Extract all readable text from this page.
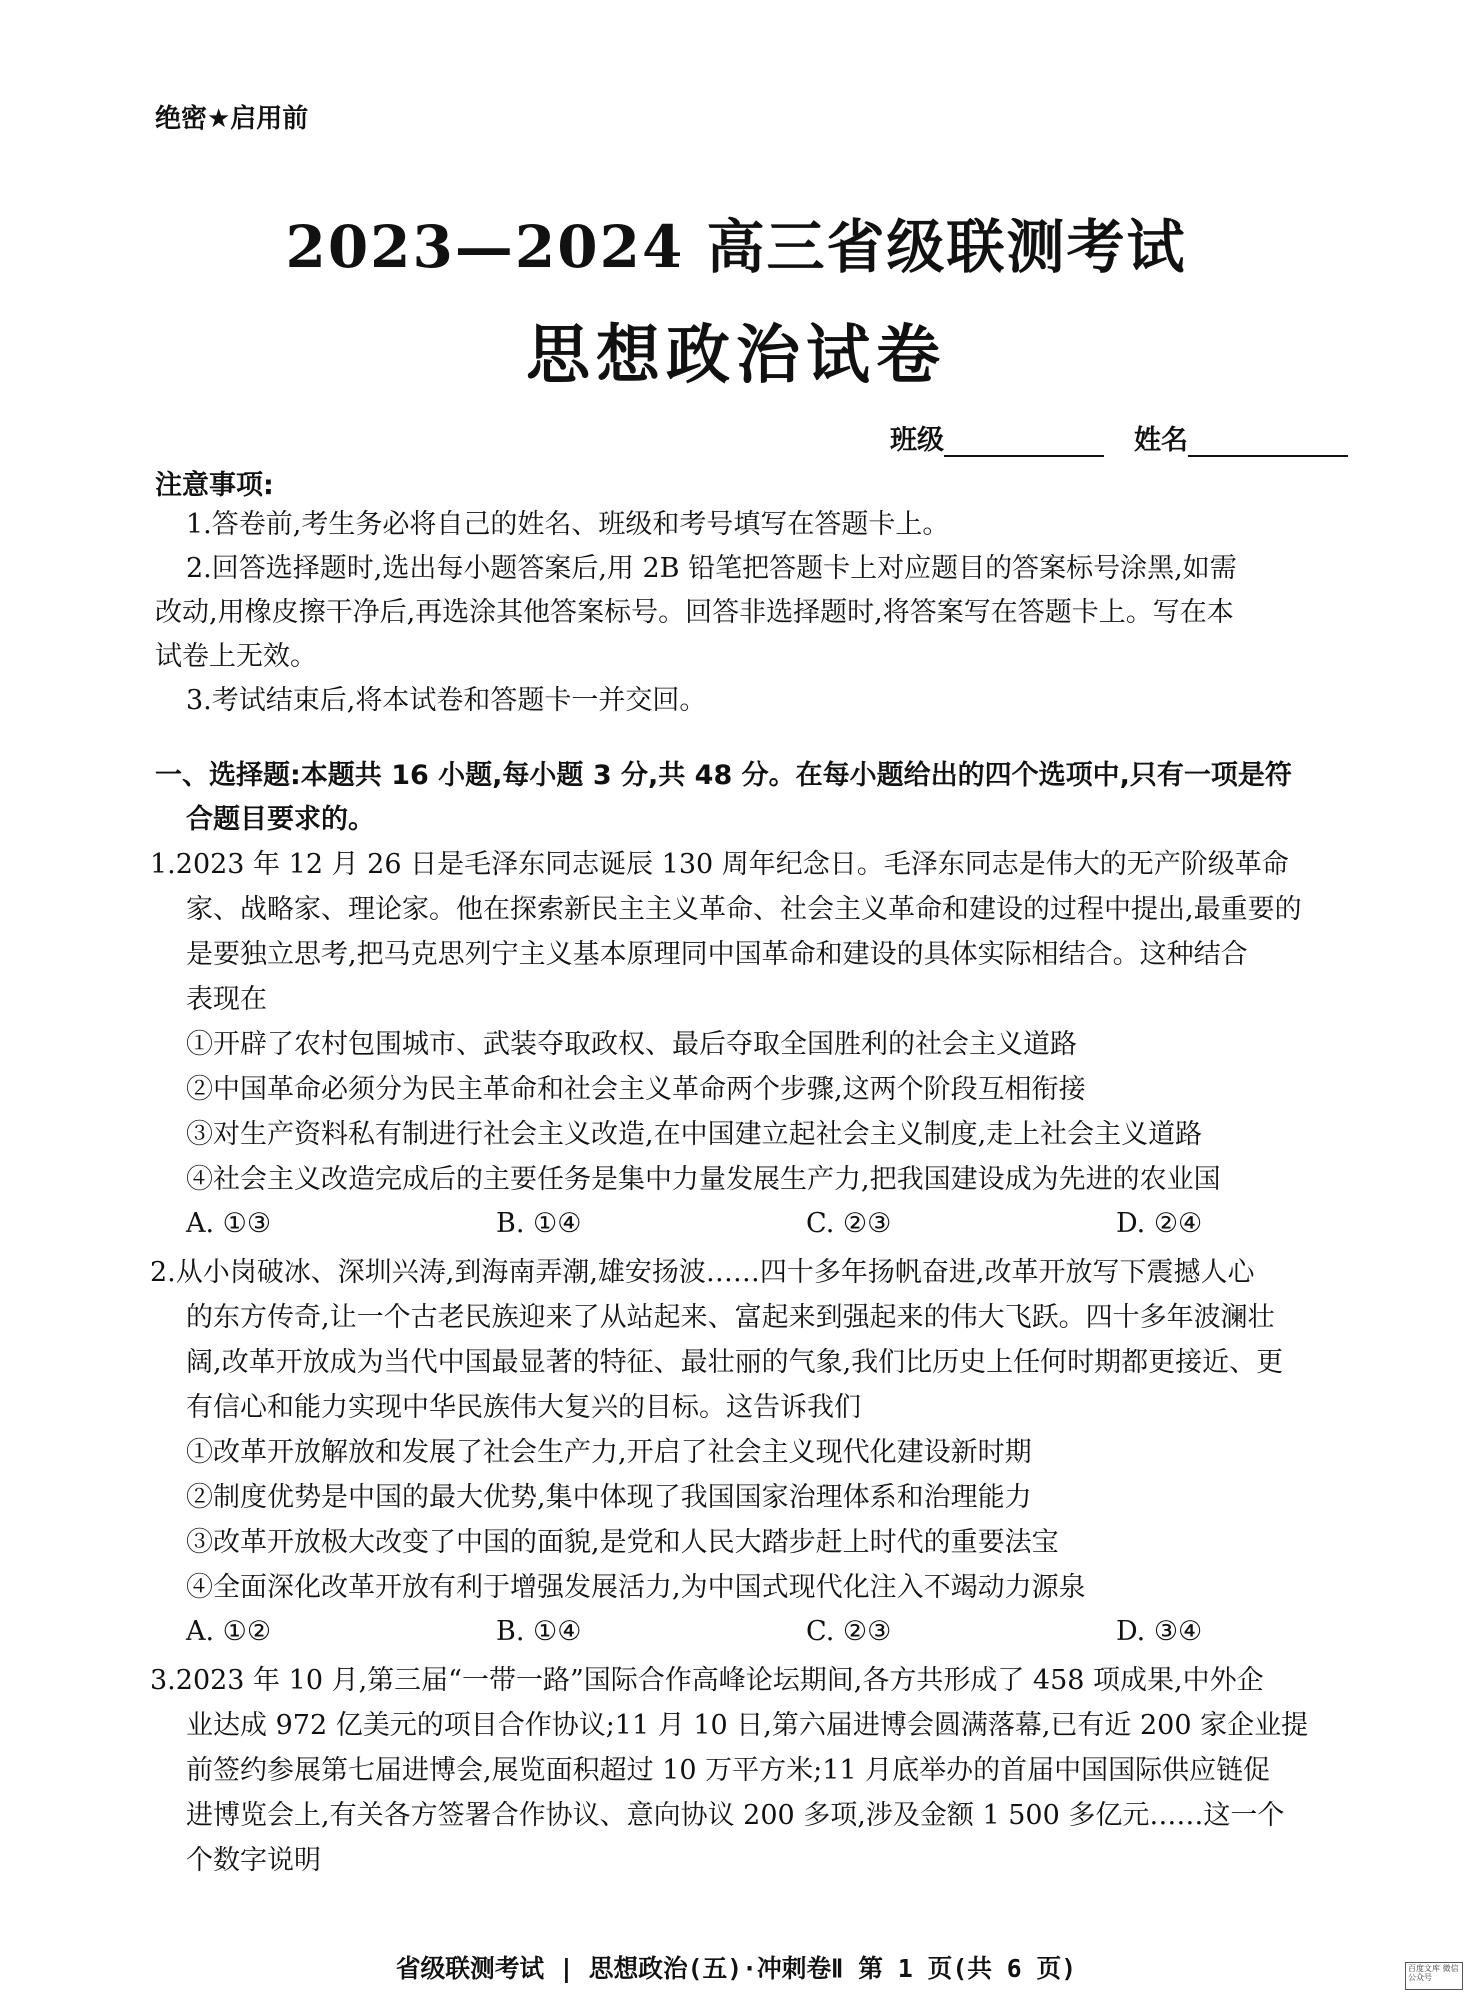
绝密★启用前
2023—2024 高三省级联测考试
思想政治试卷
班级	姓名
注意事项:
1.答卷前,考生务必将自己的姓名、班级和考号填写在答题卡上。
2.回答选择题时,选出每小题答案后,用 2B 铅笔把答题卡上对应题目的答案标号涂黑,如需
改动,用橡皮擦干净后,再选涂其他答案标号。回答非选择题时,将答案写在答题卡上。写在本
试卷上无效。
3.考试结束后,将本试卷和答题卡一并交回。
一、选择题:本题共 16 小题,每小题 3 分,共 48 分。在每小题给出的四个选项中,只有一项是符
合题目要求的。
1.2023 年 12 月 26 日是毛泽东同志诞辰 130 周年纪念日。毛泽东同志是伟大的无产阶级革命
家、战略家、理论家。他在探索新民主主义革命、社会主义革命和建设的过程中提出,最重要的
是要独立思考,把马克思列宁主义基本原理同中国革命和建设的具体实际相结合。这种结合
表现在
①开辟了农村包围城市、武装夺取政权、最后夺取全国胜利的社会主义道路
②中国革命必须分为民主革命和社会主义革命两个步骤,这两个阶段互相衔接
③对生产资料私有制进行社会主义改造,在中国建立起社会主义制度,走上社会主义道路
④社会主义改造完成后的主要任务是集中力量发展生产力,把我国建设成为先进的农业国
A. ①③	B. ①④	C. ②③	D. ②④
2.从小岗破冰、深圳兴涛,到海南弄潮,雄安扬波……四十多年扬帆奋进,改革开放写下震撼人心
的东方传奇,让一个古老民族迎来了从站起来、富起来到强起来的伟大飞跃。四十多年波澜壮
阔,改革开放成为当代中国最显著的特征、最壮丽的气象,我们比历史上任何时期都更接近、更
有信心和能力实现中华民族伟大复兴的目标。这告诉我们
①改革开放解放和发展了社会生产力,开启了社会主义现代化建设新时期
②制度优势是中国的最大优势,集中体现了我国国家治理体系和治理能力
③改革开放极大改变了中国的面貌,是党和人民大踏步赶上时代的重要法宝
④全面深化改革开放有利于增强发展活力,为中国式现代化注入不竭动力源泉
A. ①②	B. ①④	C. ②③	D. ③④
3.2023 年 10 月,第三届“一带一路”国际合作高峰论坛期间,各方共形成了 458 项成果,中外企
业达成 972 亿美元的项目合作协议;11 月 10 日,第六届进博会圆满落幕,已有近 200 家企业提
前签约参展第七届进博会,展览面积超过 10 万平方米;11 月底举办的首届中国国际供应链促
进博览会上,有关各方签署合作协议、意向协议 200 多项,涉及金额 1 500 多亿元……这一个
个数字说明
省级联测考试 | 思想政治(五)·冲刺卷Ⅱ 第 1 页(共 6 页)	百度文库 微信公众号
